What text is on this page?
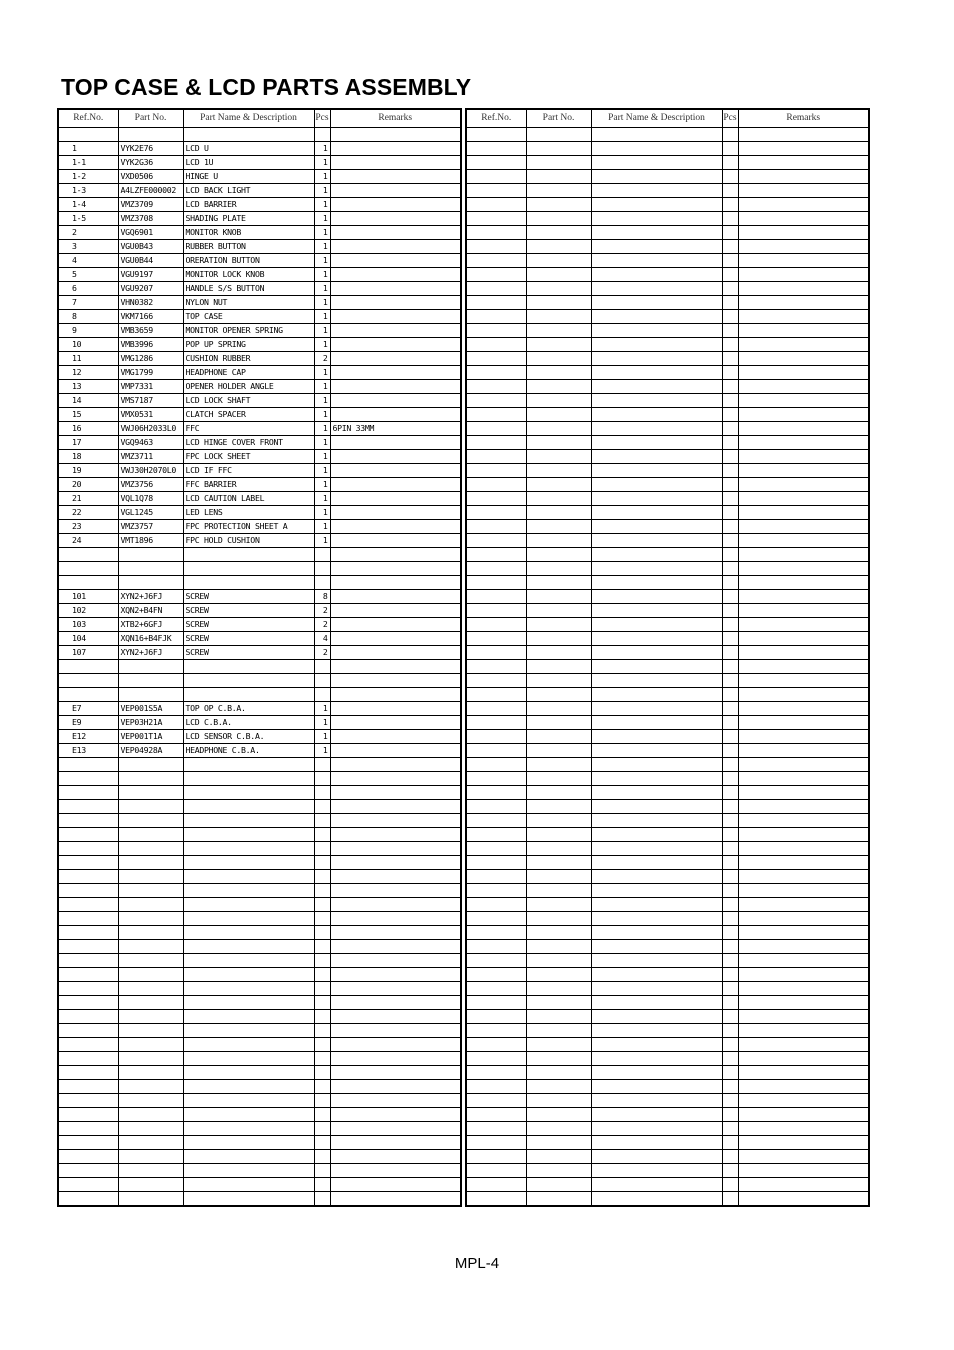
TOP CASE & LCD PARTS ASSEMBLY
Ref.No.	Part No.	Part Name & Description	Pcs	Remarks

1	VYK2E76	LCD U	1	
1-1	VYK2G36	LCD 1U	1	
1-2	VXD0506	HINGE U	1	
1-3	A4LZFE000002	LCD BACK LIGHT	1	
1-4	VMZ3709	LCD BARRIER	1	
1-5	VMZ3708	SHADING PLATE	1	
2	VGQ6901	MONITOR KNOB	1	
3	VGU0B43	RUBBER BUTTON	1	
4	VGU0B44	ORERATION BUTTON	1	
5	VGU9197	MONITOR LOCK KNOB	1	
6	VGU9207	HANDLE S/S BUTTON	1	
7	VHN0382	NYLON NUT	1	
8	VKM7166	TOP CASE	1	
9	VMB3659	MONITOR OPENER SPRING	1	
10	VMB3996	POP UP SPRING	1	
11	VMG1286	CUSHION RUBBER	2	
12	VMG1799	HEADPHONE CAP	1	
13	VMP7331	OPENER HOLDER ANGLE	1	
14	VMS7187	LCD LOCK SHAFT	1	
15	VMX0531	CLATCH SPACER	1	
16	VWJ06H2033L0	FFC	1	6PIN 33MM
17	VGQ9463	LCD HINGE COVER FRONT	1	
18	VMZ3711	FPC LOCK SHEET	1	
19	VWJ30H2070L0	LCD IF FFC	1	
20	VMZ3756	FFC BARRIER	1	
21	VQL1Q78	LCD CAUTION LABEL	1	
22	VGL1245	LED LENS	1	
23	VMZ3757	FPC PROTECTION SHEET A	1	
24	VMT1896	FPC HOLD CUSHION	1	

101	XYN2+J6FJ	SCREW	8	
102	XQN2+B4FN	SCREW	2	
103	XTB2+6GFJ	SCREW	2	
104	XQN16+B4FJK	SCREW	4	
107	XYN2+J6FJ	SCREW	2	

E7	VEP001S5A	TOP OP C.B.A.	1	
E9	VEP03H21A	LCD C.B.A.	1	
E12	VEP001T1A	LCD SENSOR C.B.A.	1	
E13	VEP04928A	HEADPHONE C.B.A.	1	

Ref.No.	Part No.	Part Name & Description	Pcs	Remarks

MPL-4
